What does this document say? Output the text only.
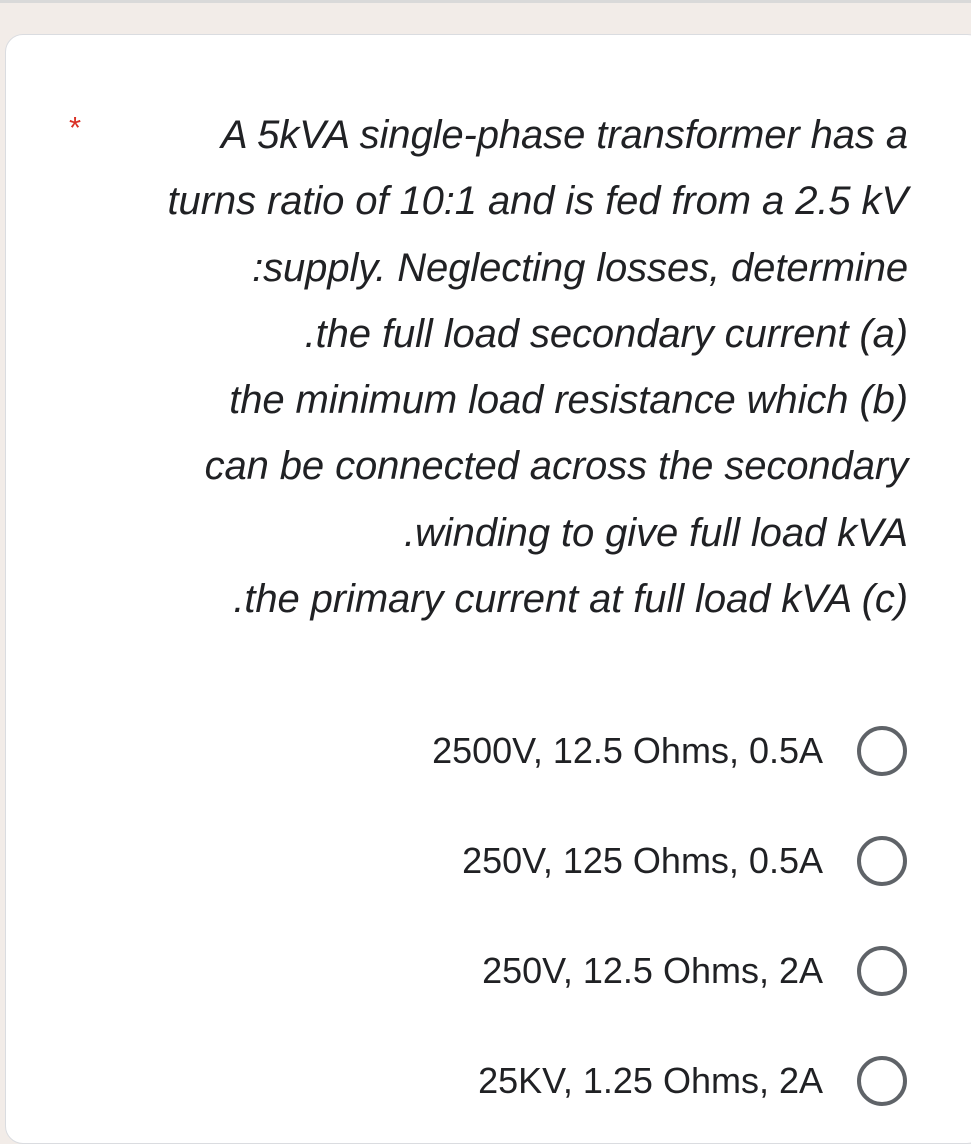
*	A 5kVA single-phase transformer has a
turns ratio of 10:1 and is fed from a 2.5 kV
:supply. Neglecting losses, determine
.the full load secondary current (a)
the minimum load resistance which (b)
can be connected across the secondary
.winding to give full load kVA
.the primary current at full load kVA (c)

2500V, 12.5 Ohms, 0.5A
250V, 125 Ohms, 0.5A
250V, 12.5 Ohms, 2A
25KV, 1.25 Ohms, 2A
